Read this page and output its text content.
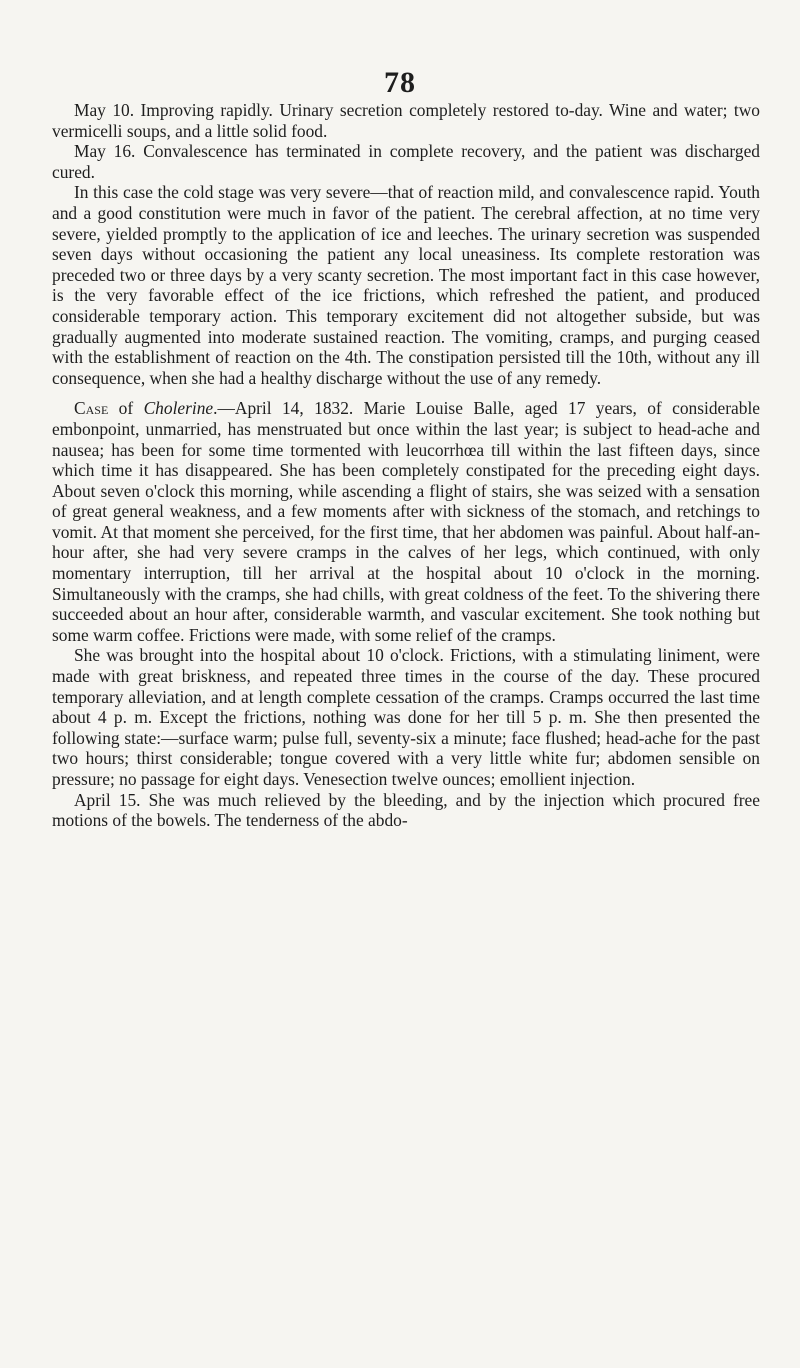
78

May 10. Improving rapidly. Urinary secretion completely restored to-day. Wine and water; two vermicelli soups, and a little solid food.

May 16. Convalescence has terminated in complete recovery, and the patient was discharged cured.

In this case the cold stage was very severe—that of reaction mild, and convalescence rapid. Youth and a good constitution were much in favor of the patient. The cerebral affection, at no time very severe, yielded promptly to the application of ice and leeches. The urinary secretion was suspended seven days without occasioning the patient any local uneasiness. Its complete restoration was preceded two or three days by a very scanty secretion. The most important fact in this case however, is the very favorable effect of the ice frictions, which refreshed the patient, and produced considerable temporary action. This temporary excitement did not altogether subside, but was gradually augmented into moderate sustained reaction. The vomiting, cramps, and purging ceased with the establishment of reaction on the 4th. The constipation persisted till the 10th, without any ill consequence, when she had a healthy discharge without the use of any remedy.

Case of Cholerine.—April 14, 1832. Marie Louise Balle, aged 17 years, of considerable embonpoint, unmarried, has menstruated but once within the last year; is subject to head-ache and nausea; has been for some time tormented with leucorrhœa till within the last fifteen days, since which time it has disappeared. She has been completely constipated for the preceding eight days. About seven o'clock this morning, while ascending a flight of stairs, she was seized with a sensation of great general weakness, and a few moments after with sickness of the stomach, and retchings to vomit. At that moment she perceived, for the first time, that her abdomen was painful. About half-an-hour after, she had very severe cramps in the calves of her legs, which continued, with only momentary interruption, till her arrival at the hospital about 10 o'clock in the morning. Simultaneously with the cramps, she had chills, with great coldness of the feet. To the shivering there succeeded about an hour after, considerable warmth, and vascular excitement. She took nothing but some warm coffee. Frictions were made, with some relief of the cramps.

She was brought into the hospital about 10 o'clock. Frictions, with a stimulating liniment, were made with great briskness, and repeated three times in the course of the day. These procured temporary alleviation, and at length complete cessation of the cramps. Cramps occurred the last time about 4 p. m. Except the frictions, nothing was done for her till 5 p. m. She then presented the following state:—surface warm; pulse full, seventy-six a minute; face flushed; head-ache for the past two hours; thirst considerable; tongue covered with a very little white fur; abdomen sensible on pressure; no passage for eight days. Venesection twelve ounces; emollient injection.

April 15. She was much relieved by the bleeding, and by the injection which procured free motions of the bowels. The tenderness of the abdo-
